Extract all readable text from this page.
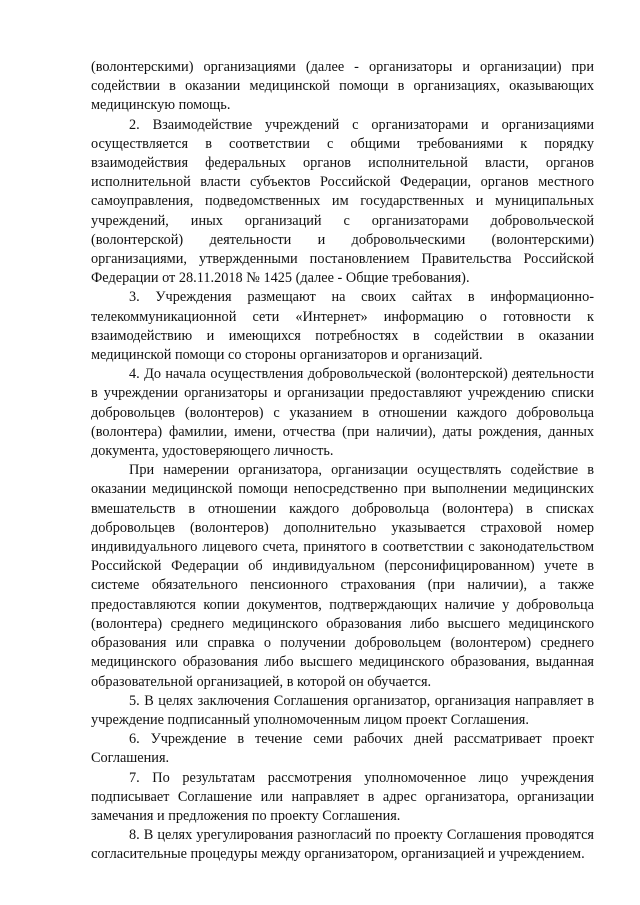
(волонтерскими) организациями (далее - организаторы и организации) при содействии в оказании медицинской помощи в организациях, оказывающих медицинскую помощь.

2. Взаимодействие учреждений с организаторами и организациями осуществляется в соответствии с общими требованиями к порядку взаимодействия федеральных органов исполнительной власти, органов исполнительной власти субъектов Российской Федерации, органов местного самоуправления, подведомственных им государственных и муниципальных учреждений, иных организаций с организаторами добровольческой (волонтерской) деятельности и добровольческими (волонтерскими) организациями, утвержденными постановлением Правительства Российской Федерации от 28.11.2018 № 1425 (далее - Общие требования).

3. Учреждения размещают на своих сайтах в информационно-телекоммуникационной сети «Интернет» информацию о готовности к взаимодействию и имеющихся потребностях в содействии в оказании медицинской помощи со стороны организаторов и организаций.

4. До начала осуществления добровольческой (волонтерской) деятельности в учреждении организаторы и организации предоставляют учреждению списки добровольцев (волонтеров) с указанием в отношении каждого добровольца (волонтера) фамилии, имени, отчества (при наличии), даты рождения, данных документа, удостоверяющего личность.

При намерении организатора, организации осуществлять содействие в оказании медицинской помощи непосредственно при выполнении медицинских вмешательств в отношении каждого добровольца (волонтера) в списках добровольцев (волонтеров) дополнительно указывается страховой номер индивидуального лицевого счета, принятого в соответствии с законодательством Российской Федерации об индивидуальном (персонифицированном) учете в системе обязательного пенсионного страхования (при наличии), а также предоставляются копии документов, подтверждающих наличие у добровольца (волонтера) среднего медицинского образования либо высшего медицинского образования или справка о получении добровольцем (волонтером) среднего медицинского образования либо высшего медицинского образования, выданная образовательной организацией, в которой он обучается.

5. В целях заключения Соглашения организатор, организация направляет в учреждение подписанный уполномоченным лицом проект Соглашения.

6. Учреждение в течение семи рабочих дней рассматривает проект Соглашения.

7. По результатам рассмотрения уполномоченное лицо учреждения подписывает Соглашение или направляет в адрес организатора, организации замечания и предложения по проекту Соглашения.

8. В целях урегулирования разногласий по проекту Соглашения проводятся согласительные процедуры между организатором, организацией и учреждением.
